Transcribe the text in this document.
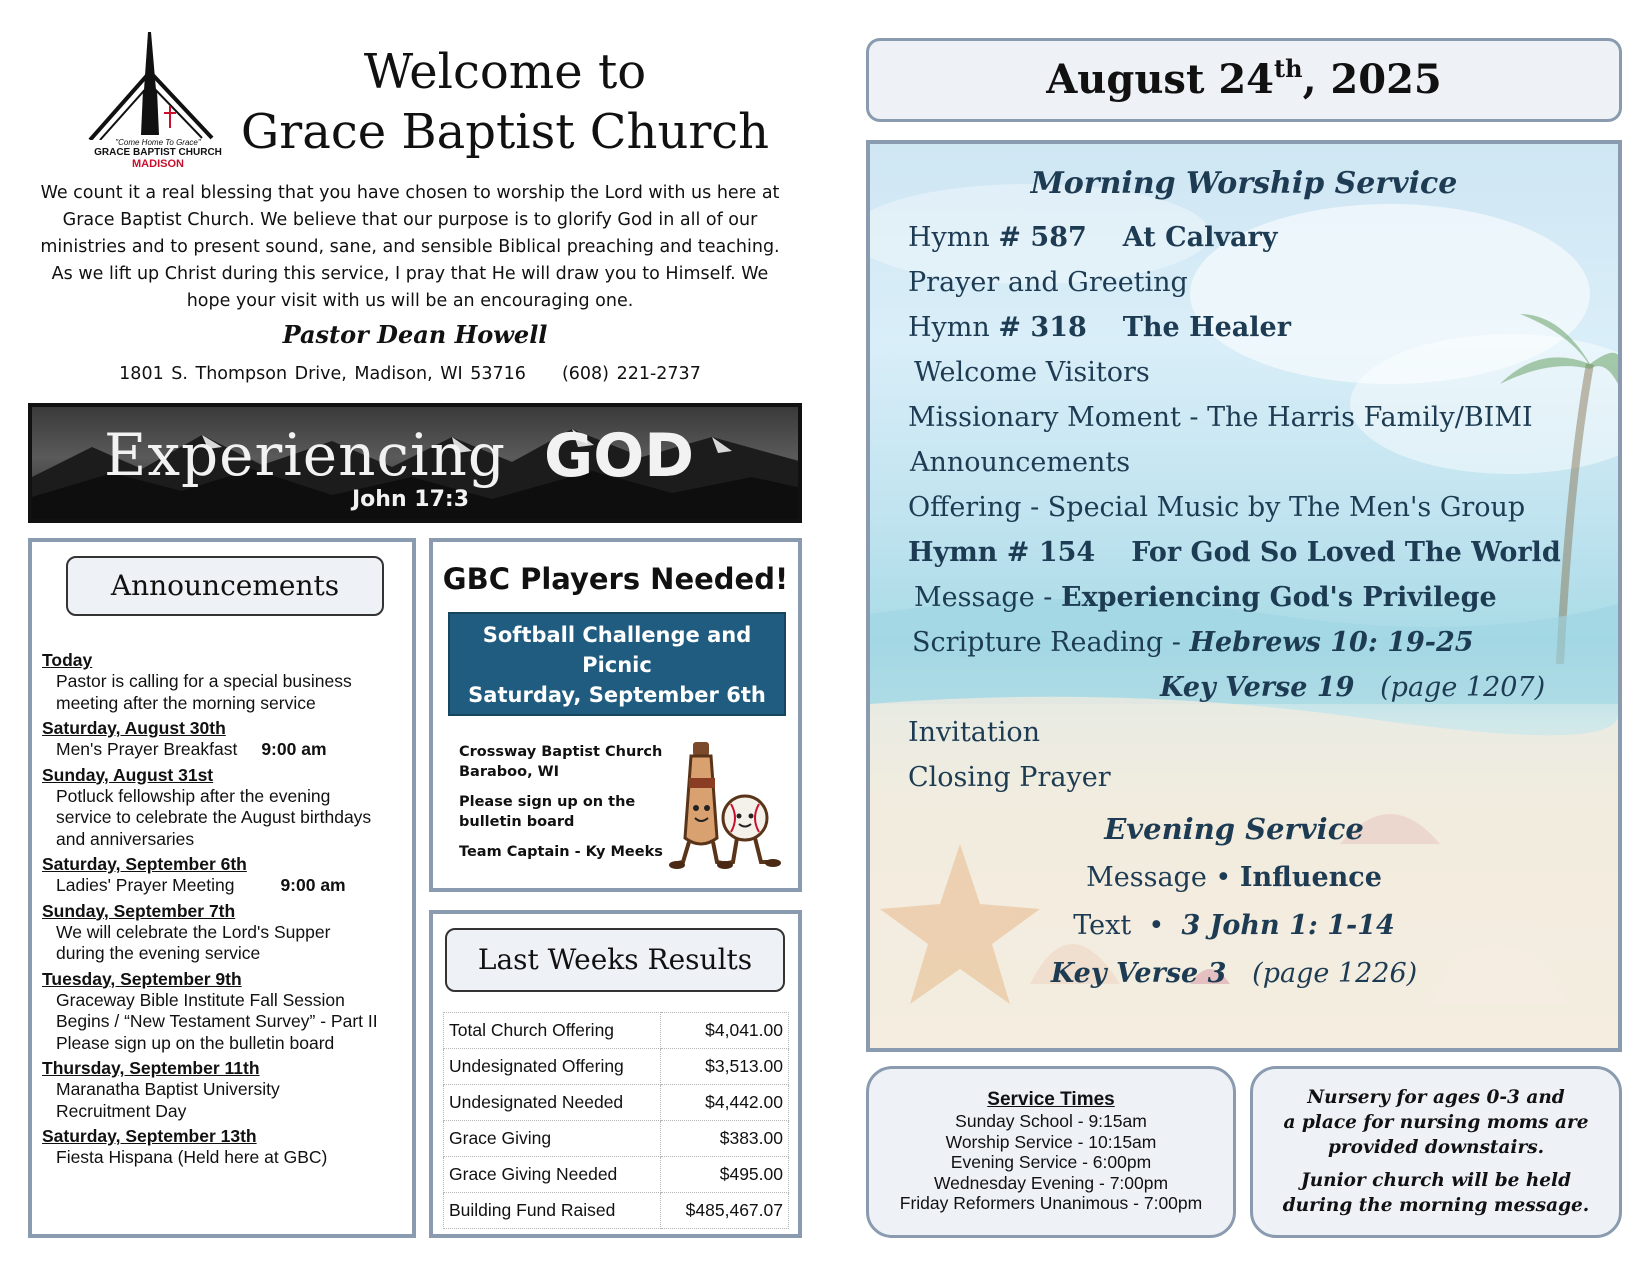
"Come Home To Grace"
GRACE BAPTIST CHURCH
MADISON
Welcome to
Grace Baptist Church
We count it a real blessing that you have chosen to worship the Lord with us here at Grace Baptist Church. We believe that our purpose is to glorify God in all of our ministries and to present sound, sane, and sensible Biblical preaching and teaching. As we lift up Christ during this service, I pray that He will draw you to Himself. We hope your visit with us will be an encouraging one.
Pastor Dean Howell
1801 S. Thompson Drive, Madison, WI 53716 (608) 221-2737
Experiencing GOD
John 17:3
Announcements
Today
Pastor is calling for a special business
meeting after the morning service
Saturday, August 30th
Men's Prayer Breakfast 9:00 am
Sunday, August 31st
Potluck fellowship after the evening
service to celebrate the August birthdays
and anniversaries
Saturday, September 6th
Ladies' Prayer Meeting	9:00 am
Sunday, September 7th
We will celebrate the Lord's Supper
during the evening service
Tuesday, September 9th
Graceway Bible Institute Fall Session
Begins / “New Testament Survey” - Part II
Please sign up on the bulletin board
Thursday, September 11th
Maranatha Baptist University
Recruitment Day
Saturday, September 13th
Fiesta Hispana (Held here at GBC)
GBC Players Needed!
Softball Challenge and Picnic
Saturday, September 6th
10:00 am

Crossway Baptist Church
Baraboo, WI

Please sign up on the
bulletin board

Team Captain - Ky Meeks

Last Weeks Results
Total Church Offering	$4,041.00
Undesignated Offering	$3,513.00
Undesignated Needed	$4,442.00
Grace Giving	$383.00
Grace Giving Needed	$495.00
Building Fund Raised	$485,467.07
August 24th, 2025
Morning Worship Service
Hymn # 587 At Calvary
Prayer and Greeting
Hymn # 318 The Healer
Welcome Visitors
Missionary Moment - The Harris Family/BIMI
Announcements
Offering - Special Music by The Men's Group
Hymn # 154 For God So Loved The World
Message - Experiencing God's Privilege
Scripture Reading - Hebrews 10: 19-25
Key Verse 19 (page 1207)
Invitation
Closing Prayer
Evening Service
Message • Influence
Text  •  3 John 1: 1-14
Key Verse 3 (page 1226)
Service Times
Sunday School - 9:15am
Worship Service - 10:15am
Evening Service - 6:00pm
Wednesday Evening - 7:00pm
Friday Reformers Unanimous - 7:00pm

Nursery for ages 0-3 and
a place for nursing moms are
provided downstairs.

Junior church will be held
during the morning message.
